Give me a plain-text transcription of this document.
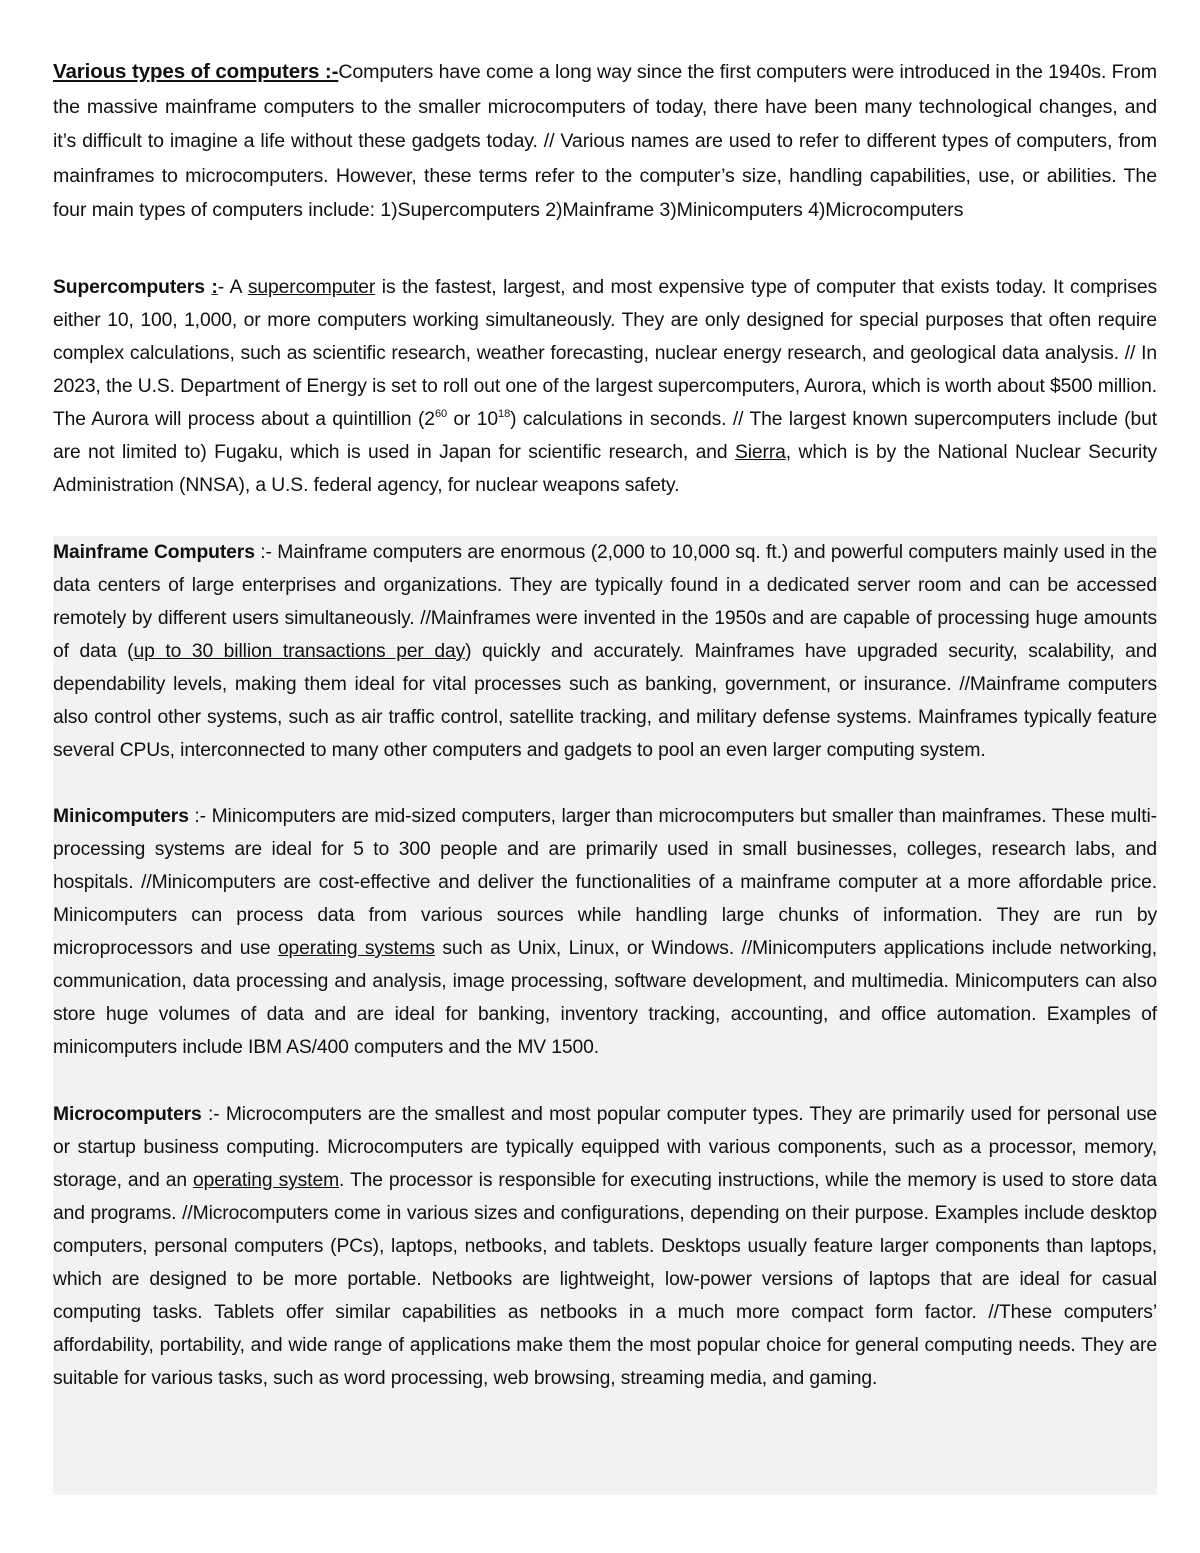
Various types of computers :-Computers have come a long way since the first computers were introduced in the 1940s. From the massive mainframe computers to the smaller microcomputers of today, there have been many technological changes, and it’s difficult to imagine a life without these gadgets today. // Various names are used to refer to different types of computers, from mainframes to microcomputers. However, these terms refer to the computer’s size, handling capabilities, use, or abilities. The four main types of computers include: 1)Supercomputers 2)Mainframe 3)Minicomputers 4)Microcomputers

Supercomputers :- A supercomputer is the fastest, largest, and most expensive type of computer that exists today. It comprises either 10, 100, 1,000, or more computers working simultaneously. They are only designed for special purposes that often require complex calculations, such as scientific research, weather forecasting, nuclear energy research, and geological data analysis. // In 2023, the U.S. Department of Energy is set to roll out one of the largest supercomputers, Aurora, which is worth about $500 million. The Aurora will process about a quintillion ($2^{60}$ or $10^{18}$) calculations in seconds. // The largest known supercomputers include (but are not limited to) Fugaku, which is used in Japan for scientific research, and Sierra, which is by the National Nuclear Security Administration (NNSA), a U.S. federal agency, for nuclear weapons safety.

Mainframe Computers :- Mainframe computers are enormous (2,000 to 10,000 sq. ft.) and powerful computers mainly used in the data centers of large enterprises and organizations. They are typically found in a dedicated server room and can be accessed remotely by different users simultaneously. //Mainframes were invented in the 1950s and are capable of processing huge amounts of data (up to 30 billion transactions per day) quickly and accurately. Mainframes have upgraded security, scalability, and dependability levels, making them ideal for vital processes such as banking, government, or insurance. //Mainframe computers also control other systems, such as air traffic control, satellite tracking, and military defense systems. Mainframes typically feature several CPUs, interconnected to many other computers and gadgets to pool an even larger computing system.

Minicomputers :- Minicomputers are mid-sized computers, larger than microcomputers but smaller than mainframes. These multi-processing systems are ideal for 5 to 300 people and are primarily used in small businesses, colleges, research labs, and hospitals. //Minicomputers are cost-effective and deliver the functionalities of a mainframe computer at a more affordable price. Minicomputers can process data from various sources while handling large chunks of information. They are run by microprocessors and use operating systems such as Unix, Linux, or Windows. //Minicomputers applications include networking, communication, data processing and analysis, image processing, software development, and multimedia. Minicomputers can also store huge volumes of data and are ideal for banking, inventory tracking, accounting, and office automation. Examples of minicomputers include IBM AS/400 computers and the MV 1500.

Microcomputers :- Microcomputers are the smallest and most popular computer types. They are primarily used for personal use or startup business computing. Microcomputers are typically equipped with various components, such as a processor, memory, storage, and an operating system. The processor is responsible for executing instructions, while the memory is used to store data and programs. //Microcomputers come in various sizes and configurations, depending on their purpose. Examples include desktop computers, personal computers (PCs), laptops, netbooks, and tablets. Desktops usually feature larger components than laptops, which are designed to be more portable. Netbooks are lightweight, low-power versions of laptops that are ideal for casual computing tasks. Tablets offer similar capabilities as netbooks in a much more compact form factor. //These computers’ affordability, portability, and wide range of applications make them the most popular choice for general computing needs. They are suitable for various tasks, such as word processing, web browsing, streaming media, and gaming.
